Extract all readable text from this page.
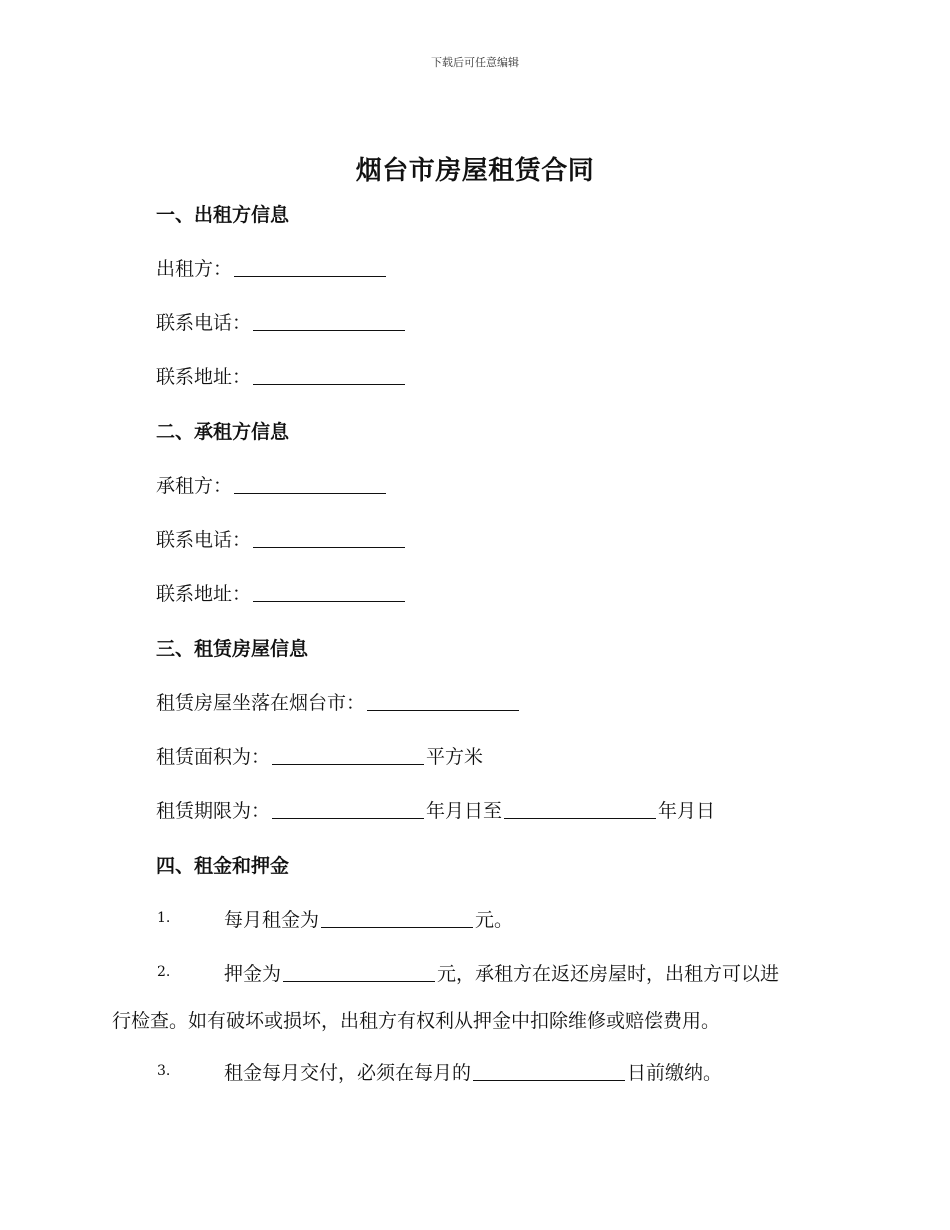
下载后可任意编辑
烟台市房屋租赁合同
一、出租方信息
出租方：
联系电话：
联系地址：
二、承租方信息
承租方：
联系电话：
联系地址：
三、租赁房屋信息
租赁房屋坐落在烟台市：
租赁面积为：	平方米
租赁期限为：	年月日至	年月日
四、租金和押金
1.	每月租金为	元。
2.	押金为	元，承租方在返还房屋时，出租方可以进
行检查。如有破坏或损坏，出租方有权利从押金中扣除维修或赔偿费用。
3.	租金每月交付，必须在每月的	日前缴纳。
